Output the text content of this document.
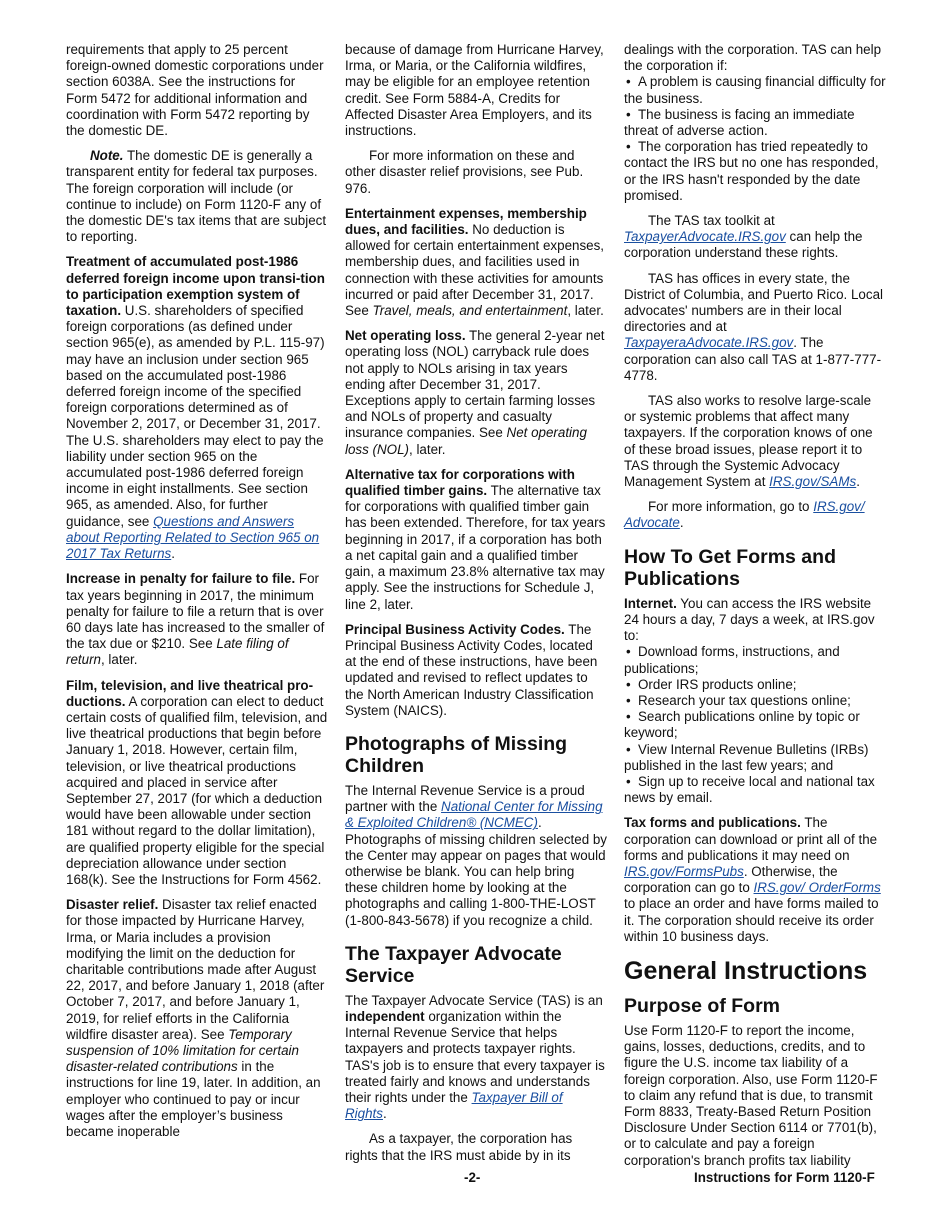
requirements that apply to 25 percent foreign-owned domestic corporations under section 6038A. See the instructions for Form 5472 for additional information and coordination with Form 5472 reporting by the domestic DE.

Note. The domestic DE is generally a transparent entity for federal tax purposes. The foreign corporation will include (or continue to include) on Form 1120-F any of the domestic DE's tax items that are subject to reporting.

Treatment of accumulated post-1986 deferred foreign income upon transi-tion to participation exemption system of taxation. U.S. shareholders of specified foreign corporations (as defined under section 965(e), as amended by P.L. 115-97) may have an inclusion under section 965 based on the accumulated post-1986 deferred foreign income of the specified foreign corporations determined as of November 2, 2017, or December 31, 2017. The U.S. shareholders may elect to pay the liability under section 965 on the accumulated post-1986 deferred foreign income in eight installments. See section 965, as amended. Also, for further guidance, see Questions and Answers about Reporting Related to Section 965 on 2017 Tax Returns.

Increase in penalty for failure to file. For tax years beginning in 2017, the minimum penalty for failure to file a return that is over 60 days late has increased to the smaller of the tax due or $210. See Late filing of return, later.

Film, television, and live theatrical pro-ductions. A corporation can elect to deduct certain costs of qualified film, television, and live theatrical productions that begin before January 1, 2018. However, certain film, television, or live theatrical productions acquired and placed in service after September 27, 2017 (for which a deduction would have been allowable under section 181 without regard to the dollar limitation), are qualified property eligible for the special depreciation allowance under section 168(k). See the Instructions for Form 4562.

Disaster relief. Disaster tax relief enacted for those impacted by Hurricane Harvey, Irma, or Maria includes a provision modifying the limit on the deduction for charitable contributions made after August 22, 2017, and before January 1, 2018 (after October 7, 2017, and before January 1, 2019, for relief efforts in the California wildfire disaster area). See Temporary suspension of 10% limitation for certain disaster-related contributions in the instructions for line 19, later. In addition, an employer who continued to pay or incur wages after the employer’s business became inoperable

because of damage from Hurricane Harvey, Irma, or Maria, or the California wildfires, may be eligible for an employee retention credit. See Form 5884-A, Credits for Affected Disaster Area Employers, and its instructions.

For more information on these and other disaster relief provisions, see Pub. 976.

Entertainment expenses, membership dues, and facilities. No deduction is allowed for certain entertainment expenses, membership dues, and facilities used in connection with these activities for amounts incurred or paid after December 31, 2017. See Travel, meals, and entertainment, later.

Net operating loss. The general 2-year net operating loss (NOL) carryback rule does not apply to NOLs arising in tax years ending after December 31, 2017. Exceptions apply to certain farming losses and NOLs of property and casualty insurance companies. See Net operating loss (NOL), later.

Alternative tax for corporations with qualified timber gains. The alternative tax for corporations with qualified timber gain has been extended. Therefore, for tax years beginning in 2017, if a corporation has both a net capital gain and a qualified timber gain, a maximum 23.8% alternative tax may apply. See the instructions for Schedule J, line 2, later.

Principal Business Activity Codes. The Principal Business Activity Codes, located at the end of these instructions, have been updated and revised to reflect updates to the North American Industry Classification System (NAICS).

Photographs of Missing Children

The Internal Revenue Service is a proud partner with the National Center for Missing & Exploited Children® (NCMEC). Photographs of missing children selected by the Center may appear on pages that would otherwise be blank. You can help bring these children home by looking at the photographs and calling 1-800-THE-LOST (1-800-843-5678) if you recognize a child.

The Taxpayer Advocate Service

The Taxpayer Advocate Service (TAS) is an independent organization within the Internal Revenue Service that helps taxpayers and protects taxpayer rights. TAS's job is to ensure that every taxpayer is treated fairly and knows and understands their rights under the Taxpayer Bill of Rights.

As a taxpayer, the corporation has rights that the IRS must abide by in its

dealings with the corporation. TAS can help the corporation if:

• A problem is causing financial difficulty for the business.
• The business is facing an immediate threat of adverse action.
• The corporation has tried repeatedly to contact the IRS but no one has responded, or the IRS hasn't responded by the date promised.

The TAS tax toolkit at TaxpayerAdvocate.IRS.gov can help the corporation understand these rights.

TAS has offices in every state, the District of Columbia, and Puerto Rico. Local advocates' numbers are in their local directories and at TaxpayeraAdvocate.IRS.gov. The corporation can also call TAS at 1-877-777-4778.

TAS also works to resolve large-scale or systemic problems that affect many taxpayers. If the corporation knows of one of these broad issues, please report it to TAS through the Systemic Advocacy Management System at IRS.gov/SAMs.

For more information, go to IRS.gov/ Advocate.

How To Get Forms and Publications

Internet. You can access the IRS website 24 hours a day, 7 days a week, at IRS.gov to:

• Download forms, instructions, and publications;
• Order IRS products online;
• Research your tax questions online;
• Search publications online by topic or keyword;
• View Internal Revenue Bulletins (IRBs) published in the last few years; and
• Sign up to receive local and national tax news by email.

Tax forms and publications. The corporation can download or print all of the forms and publications it may need on IRS.gov/FormsPubs. Otherwise, the corporation can go to IRS.gov/ OrderForms to place an order and have forms mailed to it. The corporation should receive its order within 10 business days.

General Instructions
Purpose of Form

Use Form 1120-F to report the income, gains, losses, deductions, credits, and to figure the U.S. income tax liability of a foreign corporation. Also, use Form 1120-F to claim any refund that is due, to transmit Form 8833, Treaty-Based Return Position Disclosure Under Section 6114 or 7701(b), or to calculate and pay a foreign corporation's branch profits tax liability

-2-	Instructions for Form 1120-F
